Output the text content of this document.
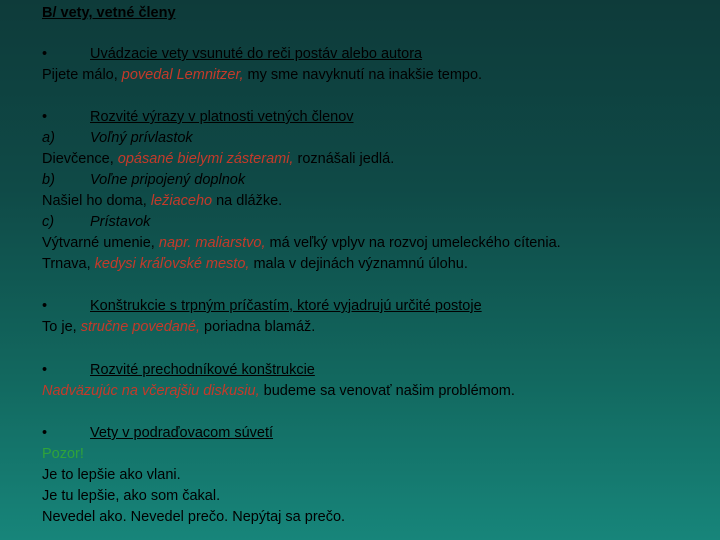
B/ vety, vetné členy
•	Uvádzacie vety vsunuté do reči postáv alebo autora
Pijete málo, povedal Lemnitzer, my sme navyknutí na inakšie tempo.
•	Rozvité výrazy v platnosti vetných členov
a) Voľný prívlastok
Dievčence, opásané bielymi zásterami, roznášali jedlá.
b) Voľne pripojený doplnok
Našiel ho doma, ležiaceho na dlážke.
c) Prístavok
Výtvarné umenie, napr. maliarstvo, má veľký vplyv na rozvoj umeleckého cítenia.
Trnava, kedysi kráľovské mesto, mala v dejinách významnú úlohu.
•	Konštrukcie s trpným príčastím, ktoré vyjadrujú určité postoje
To je, stručne povedané, poriadna blamáž.
•	Rozvité prechodníkové konštrukcie
Nadväzujúc na včerajšiu diskusiu, budeme sa venovať našim problémom.
•	Vety v podraďovacom súvetí
Pozor!
Je to lepšie ako vlani.
Je tu lepšie, ako som čakal.
Nevedel ako. Nevedel prečo. Nepýtaj sa prečo.
